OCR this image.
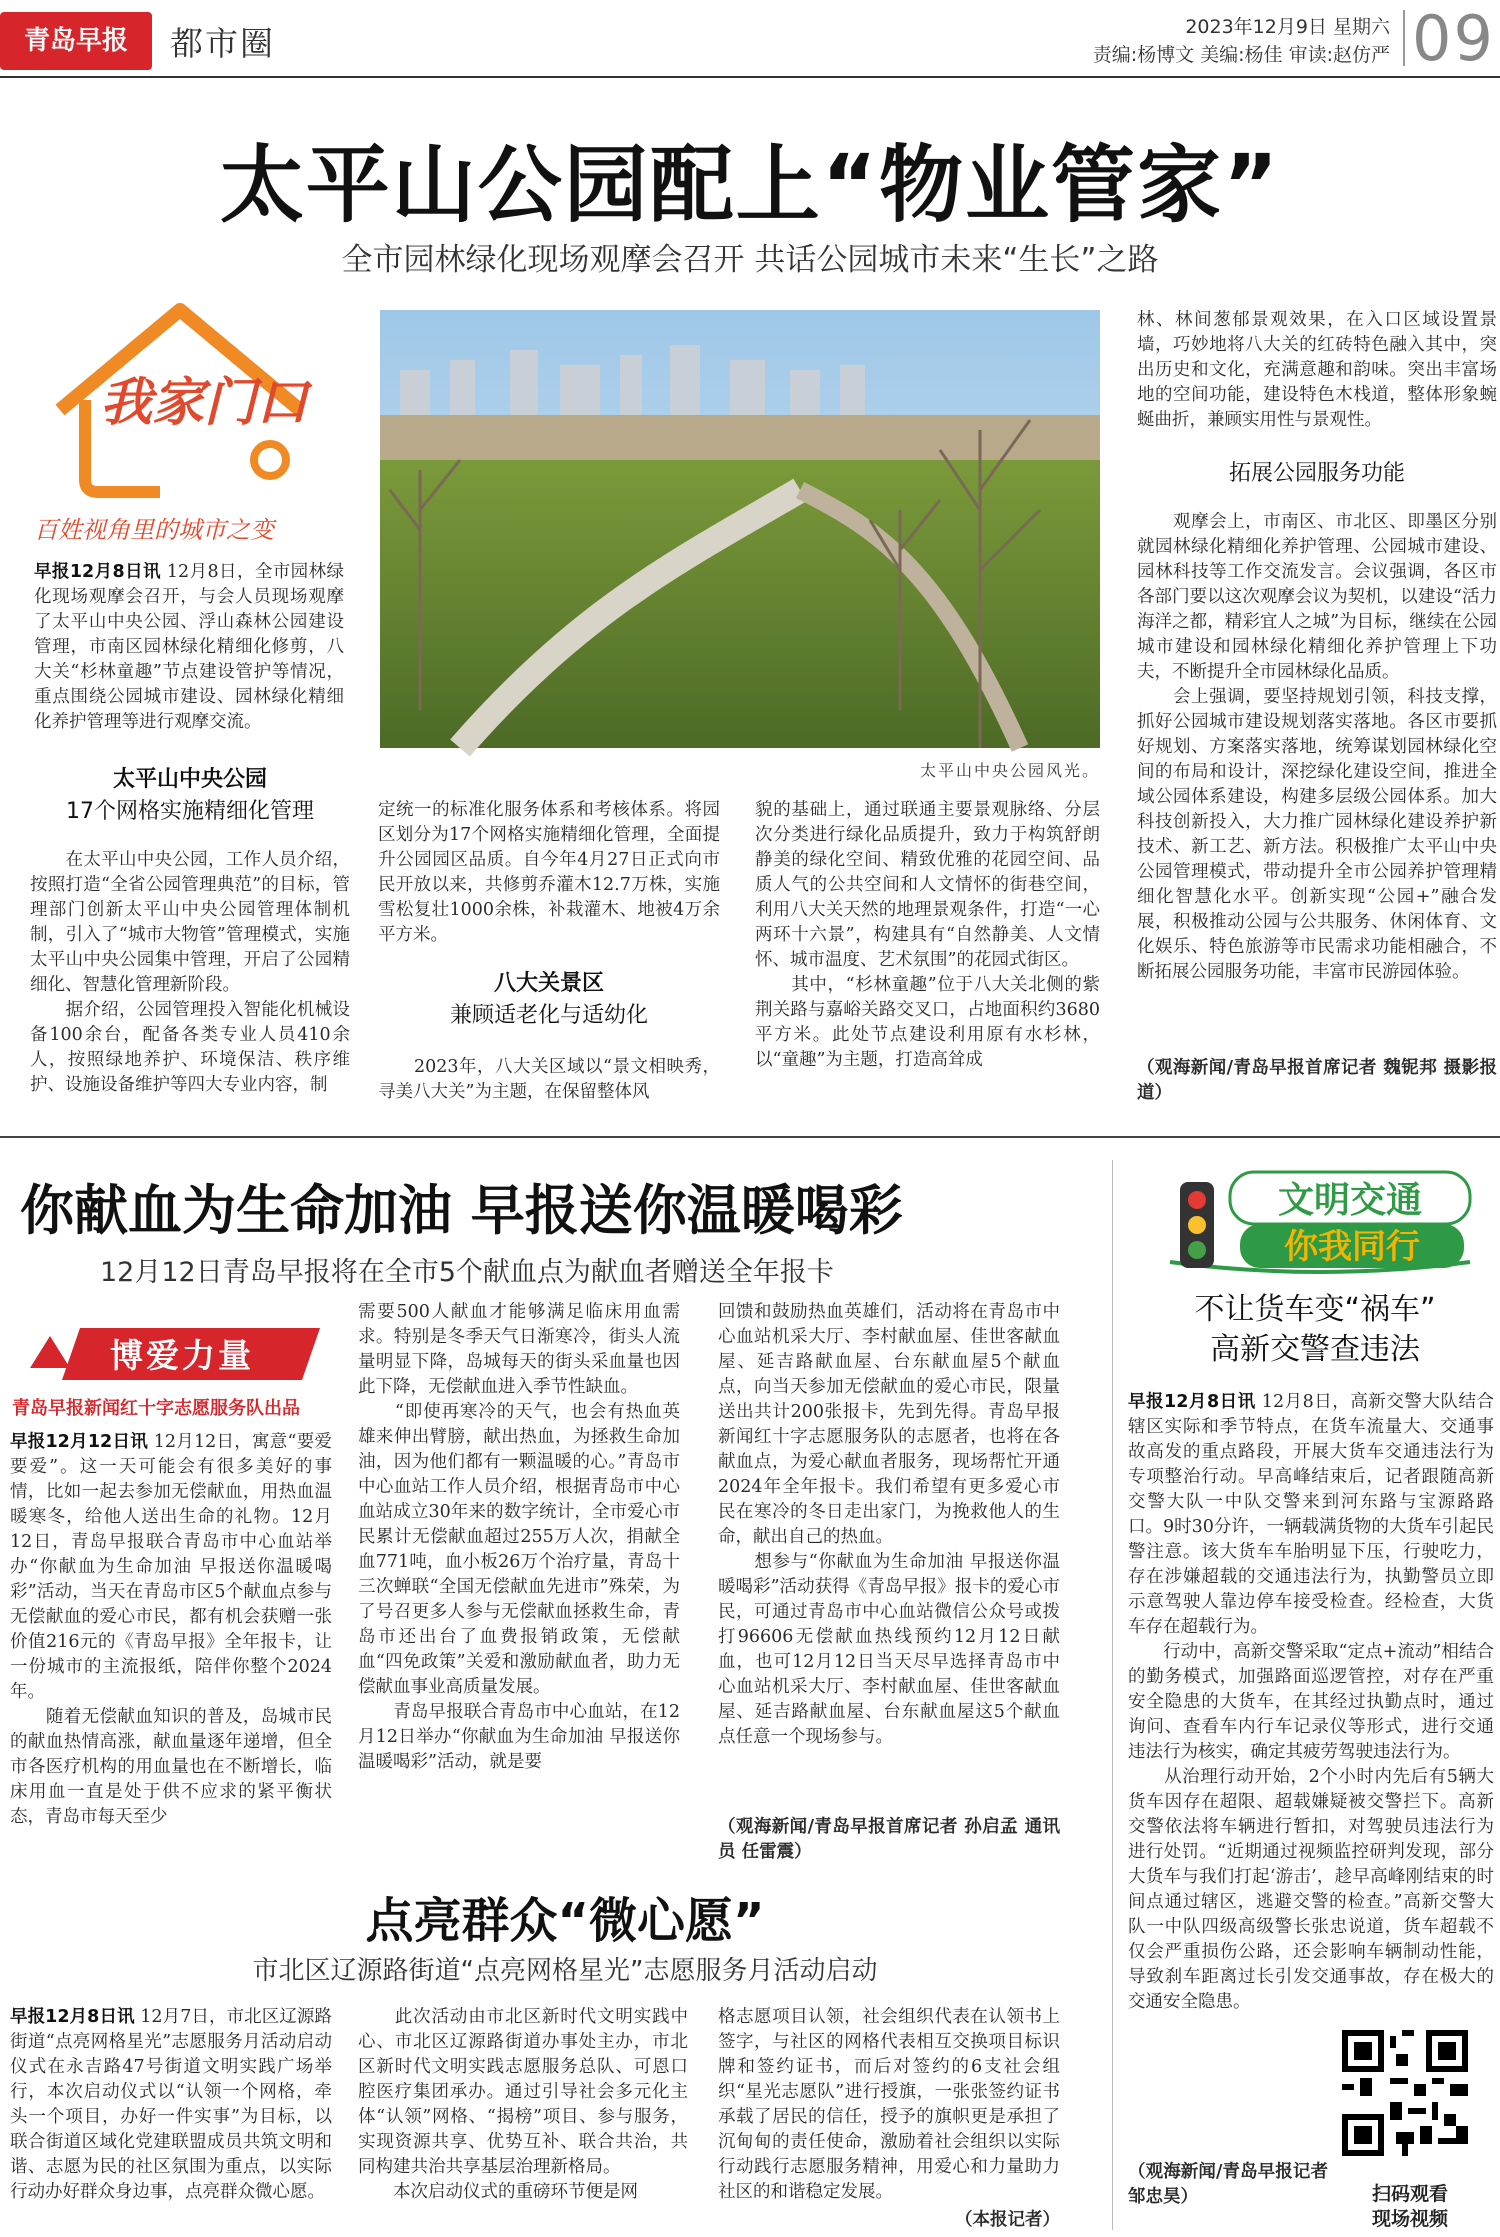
青岛早报	都市圈	2023年12月9日 星期六
责编:杨博文 美编:杨佳 审读:赵仿严 09
太平山公园配上“物业管家”
全市园林绿化现场观摩会召开 共话公园城市未来“生长”之路
我家门口
百姓视角里的城市之变
早报12月8日讯 12月8日，全市园林绿化现场观摩会召开，与会人员现场观摩了太平山中央公园、浮山森林公园建设管理，市南区园林绿化精细化修剪，八大关“杉林童趣”节点建设管护等情况，重点围绕公园城市建设、园林绿化精细化养护管理等进行观摩交流。
太平山中央公园风光。
太平山中央公园
17个网格实施精细化管理
　　在太平山中央公园，工作人员介绍，按照打造“全省公园管理典范”的目标，管理部门创新太平山中央公园管理体制机制，引入了“城市大物管”管理模式，实施太平山中央公园集中管理，开启了公园精细化、智慧化管理新阶段。
　　据介绍，公园管理投入智能化机械设备100余台，配备各类专业人员410余人，按照绿地养护、环境保洁、秩序维护、设施设备维护等四大专业内容，制
定统一的标准化服务体系和考核体系。将园区划分为17个网格实施精细化管理，全面提升公园园区品质。自今年4月27日正式向市民开放以来，共修剪乔灌木12.7万株，实施雪松复壮1000余株，补栽灌木、地被4万余平方米。
八大关景区
兼顾适老化与适幼化
　　2023年，八大关区域以“景文相映秀，寻美八大关”为主题，在保留整体风
貌的基础上，通过联通主要景观脉络、分层次分类进行绿化品质提升，致力于构筑舒朗静美的绿化空间、精致优雅的花园空间、品质人气的公共空间和人文情怀的街巷空间，利用八大关天然的地理景观条件，打造“一心两环十六景”，构建具有“自然静美、人文情怀、城市温度、艺术氛围”的花园式街区。
　　其中，“杉林童趣”位于八大关北侧的紫荆关路与嘉峪关路交叉口，占地面积约3680平方米。此处节点建设利用原有水杉林，以“童趣”为主题，打造高耸成
林、林间葱郁景观效果，在入口区域设置景墙，巧妙地将八大关的红砖特色融入其中，突出历史和文化，充满意趣和韵味。突出丰富场地的空间功能，建设特色木栈道，整体形象蜿蜒曲折，兼顾实用性与景观性。
拓展公园服务功能
　　观摩会上，市南区、市北区、即墨区分别就园林绿化精细化养护管理、公园城市建设、园林科技等工作交流发言。会议强调，各区市各部门要以这次观摩会议为契机，以建设“活力海洋之都，精彩宜人之城”为目标，继续在公园城市建设和园林绿化精细化养护管理上下功夫，不断提升全市园林绿化品质。
　　会上强调，要坚持规划引领，科技支撑，抓好公园城市建设规划落实落地。各区市要抓好规划、方案落实落地，统筹谋划园林绿化空间的布局和设计，深挖绿化建设空间，推进全域公园体系建设，构建多层级公园体系。加大科技创新投入，大力推广园林绿化建设养护新技术、新工艺、新方法。积极推广太平山中央公园管理模式，带动提升全市公园养护管理精细化智慧化水平。创新实现“公园+”融合发展，积极推动公园与公共服务、休闲体育、文化娱乐、特色旅游等市民需求功能相融合，不断拓展公园服务功能，丰富市民游园体验。
（观海新闻/青岛早报首席记者 魏铌邦 摄影报道）
你献血为生命加油 早报送你温暖喝彩
12月12日青岛早报将在全市5个献血点为献血者赠送全年报卡
博爱力量
青岛早报新闻红十字志愿服务队出品
早报12月12日讯 12月12日，寓意“要爱要爱”。这一天可能会有很多美好的事情，比如一起去参加无偿献血，用热血温暖寒冬，给他人送出生命的礼物。12月12日，青岛早报联合青岛市中心血站举办“你献血为生命加油 早报送你温暖喝彩”活动，当天在青岛市区5个献血点参与无偿献血的爱心市民，都有机会获赠一张价值216元的《青岛早报》全年报卡，让一份城市的主流报纸，陪伴你整个2024年。
　　随着无偿献血知识的普及，岛城市民的献血热情高涨，献血量逐年递增，但全市各医疗机构的用血量也在不断增长，临床用血一直是处于供不应求的紧平衡状态，青岛市每天至少
需要500人献血才能够满足临床用血需求。特别是冬季天气日渐寒冷，街头人流量明显下降，岛城每天的街头采血量也因此下降，无偿献血进入季节性缺血。
　　“即使再寒冷的天气，也会有热血英雄来伸出臂膀，献出热血，为拯救生命加油，因为他们都有一颗温暖的心。”青岛市中心血站工作人员介绍，根据青岛市中心血站成立30年来的数字统计，全市爱心市民累计无偿献血超过255万人次，捐献全血771吨，血小板26万个治疗量，青岛十三次蝉联“全国无偿献血先进市”殊荣，为了号召更多人参与无偿献血拯救生命，青岛市还出台了血费报销政策，无偿献血“四免政策”关爱和激励献血者，助力无偿献血事业高质量发展。
　　青岛早报联合青岛市中心血站，在12月12日举办“你献血为生命加油 早报送你温暖喝彩”活动，就是要
回馈和鼓励热血英雄们，活动将在青岛市中心血站机采大厅、李村献血屋、佳世客献血屋、延吉路献血屋、台东献血屋5个献血点，向当天参加无偿献血的爱心市民，限量送出共计200张报卡，先到先得。青岛早报新闻红十字志愿服务队的志愿者，也将在各献血点，为爱心献血者服务，现场帮忙开通2024年全年报卡。我们希望有更多爱心市民在寒冷的冬日走出家门，为挽救他人的生命，献出自己的热血。
　　想参与“你献血为生命加油 早报送你温暖喝彩”活动获得《青岛早报》报卡的爱心市民，可通过青岛市中心血站微信公众号或拨打96606无偿献血热线预约12月12日献血，也可12月12日当天尽早选择青岛市中心血站机采大厅、李村献血屋、佳世客献血屋、延吉路献血屋、台东献血屋这5个献血点任意一个现场参与。
（观海新闻/青岛早报首席记者 孙启孟 通讯员 任雷震）
文明交通
你我同行
不让货车变“祸车”
高新交警查违法
早报12月8日讯 12月8日，高新交警大队结合辖区实际和季节特点，在货车流量大、交通事故高发的重点路段，开展大货车交通违法行为专项整治行动。早高峰结束后，记者跟随高新交警大队一中队交警来到河东路与宝源路路口。9时30分许，一辆载满货物的大货车引起民警注意。该大货车车胎明显下压，行驶吃力，存在涉嫌超载的交通违法行为，执勤警员立即示意驾驶人靠边停车接受检查。经检查，大货车存在超载行为。
　　行动中，高新交警采取“定点+流动”相结合的勤务模式，加强路面巡逻管控，对存在严重安全隐患的大货车，在其经过执勤点时，通过询问、查看车内行车记录仪等形式，进行交通违法行为核实，确定其疲劳驾驶违法行为。
　　从治理行动开始，2个小时内先后有5辆大货车因存在超限、超载嫌疑被交警拦下。高新交警依法将车辆进行暂扣，对驾驶员违法行为进行处罚。“近期通过视频监控研判发现，部分大货车与我们打起‘游击’，趁早高峰刚结束的时间点通过辖区，逃避交警的检查。”高新交警大队一中队四级高级警长张忠说道，货车超载不仅会严重损伤公路，还会影响车辆制动性能，导致刹车距离过长引发交通事故，存在极大的交通安全隐患。
（观海新闻/青岛早报记者 邹忠昊）	扫码观看
现场视频
点亮群众“微心愿”
市北区辽源路街道“点亮网格星光”志愿服务月活动启动
早报12月8日讯 12月7日，市北区辽源路街道“点亮网格星光”志愿服务月活动启动仪式在永吉路47号街道文明实践广场举行，本次启动仪式以“认领一个网格，牵头一个项目，办好一件实事”为目标，以联合街道区域化党建联盟成员共筑文明和谐、志愿为民的社区氛围为重点，以实际行动办好群众身边事，点亮群众微心愿。
　　此次活动由市北区新时代文明实践中心、市北区辽源路街道办事处主办，市北区新时代文明实践志愿服务总队、可恩口腔医疗集团承办。通过引导社会多元化主体“认领”网格、“揭榜”项目、参与服务，实现资源共享、优势互补、联合共治，共同构建共治共享基层治理新格局。
　　本次启动仪式的重磅环节便是网
格志愿项目认领，社会组织代表在认领书上签字，与社区的网格代表相互交换项目标识牌和签约证书，而后对签约的6支社会组织“星光志愿队”进行授旗，一张张签约证书承载了居民的信任，授予的旗帜更是承担了沉甸甸的责任使命，激励着社会组织以实际行动践行志愿服务精神，用爱心和力量助力社区的和谐稳定发展。
（本报记者）
